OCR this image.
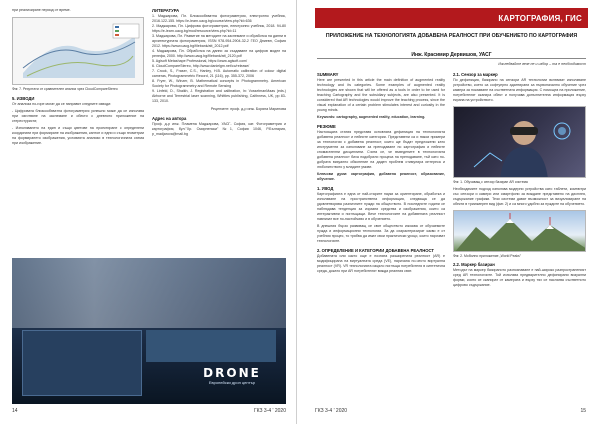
при реализиране период от време.
Фиг. 7. Резултати от сравнителен анализ чрез CloudCompareStereo
5. ИЗВОДИ
От анализа по-горе могат да се направят следните изводи:
- Цифровата близкообхватна фотограметрия успешно може да се използва при изготвяне на заснемане и обекти с дневното приложение на стереотуристи;
- Използването на един и същи цветове на проектиране с определени координати при формиране на изображения, кантон и едни и същи геометрии на формирането изображения, условията анализи в технологичната схема при изображение.
ЛИТЕРАТУРА
1. Маджарова, Пл. Близкообхватна фотограметрия, електронно учебник, 2016.122-155. https://e-learn.uacg.bg/course/view.php?id=636
2. Маджарова, Пл. Цифрова фотограметрия, електронно учебник, 2018. 94-80 https://e-learn.uacg.bg/mod/resource/view.php?id=11
3. Маджарова, Пл. Развитие на методите на заснемане и обработка на данни в архитектурната фотограметрия, ISSN 978-954-2904-32-2 ГЕО Дниевн, София 2012. https://www.uacg.bg/filebank/att_2012.pdf
4. Маджарова, Пл. Обработка на данни за създаване на цифров модел на релефа, 2000. http://www.uacg.bg/filebank/att_2120.pdf
5. Agisoft Metashape Professional, https://www.agisoft.com/
6. CloudCompareStereo, http://www.danielgm.net/cc/release/
7. Crook, S., Fraser, C.S., Hanley, H.B. Automatic calibration of colour digital cameras, Photogrammetric Record, 21 (116), pp. 355-372, 2006
8. Fryer, W., Winzer, B. Mathematical concepts in Photogrammetry. American Society for Photogrammetry and Remote Sensing
9. Linfeld, D., Shaikh, J. Registration and calibration, In: VosselmanMaas (eds.) Airborne and Terrestrial laser scanning, Whittles publishing, Caithness, UK, pp 83-133, 2010.
Рецензент: проф. д-р инж. Боряна Маринова
Адрес на автора
Проф. д-р инж. Пламена Маджарова, УАСГ- София, кат. Фотограметрия и картография, бул."Хр. Смирненски" №1, София 1046, Р.България, p_madjarova@mail.bg
DRONE
Европейски дрон център
14	ГКЗ 3-4 ' 2020
КАРТОГРАФИЯ, ГИС
ПРИЛОЖЕНИЕ НА ТЕХНОЛОГИЯТА ДОБАВЕНА РЕАЛНОСТ ПРИ ОБУЧЕНИЕТО ПО КАРТОГРАФИЯ
Инж. Красимир Дервишов, УАСГ
Изследвайте вече не и избор – та е необходимост
SUMMARY
Here are presented in this article the main definition of augmented reality technology and its categories. Some examples of augmented reality technologies are shown that will be offered as a tools in order to be used for teaching Cartography and the subsidiary subjects, are also presented. It is considered that AR technologies would improve the teaching process, since the visual explanation of a certain problem stimulates interest and curiosity in the young minds.
Keywords: cartography, augmented reality, education, learning.
РЕЗЮМЕ
Настоящата статия представя основната дефиниция на технологията добавена реалност и нейните категории. Представени са и някои примери за технологии с добавена реалност, които ще бъдат предложени като инструменти за използване за преподаване по картография и нейните спомагателни дисциплини. Счита се, че въведените в технологията добавена реалност биха подобрили процеса на преподаване, тъй като по-добрата визуално обяснение на даден проблем стимулира интереса и любопитството у младите умове.
Ключови думи: картография, добавена реалност, образование, обучение.
1. УВОД
Картографията е една от най-старите науки за ориентиране, обработка и използване на пространствена информация, следваща се да удовлетворява различните нужди на обществото. В последните години се наблюдава тенденция за изразни средства и изображения, които са интерактивни и поглъщащи. Вече технологиите на добавената реалност навлизат все по-настойчиво и в обучението.
В днешния бързо развиващ се свят обществото изисква от обучаемите нужда и информационни технологии. За да охарактеризират какво е от учебния процес, то трябва да имат свои практически уроци, които нарочват технологиите.
2. ОПРЕДЕЛЕНИЕ И КАТЕГОРИИ ДОБАВЕНА РЕАЛНОСТ
Добавената или както още е позната разширената реалност (AR) е модифицирана на виртуалната среда (VE), наричана по-често виртуална реалност (VR). VR технологията изцяло поглъща потребителя в синтетична среда, докато при AR потребителят вижда реалния свят.
2.1. Сензор за маркер
По дефиниция, базирано на сензори AR технологии включват използване устройство, което са софтуерно адаптирани за първоначално обучение чрез камера за показване на съответната информация. С помощта на приложение, потребителят сканира обект и получава допълнителна информация върху екрана на устройството.
Фиг. 1. Обучаващ с сензор базиран AR система
Необходимите подход използва модерни устройства като таблети, компютри със сензори и камери или смартфони за виждане представено на дисплея, съдържание графики. Тези системи дават възможност за визуализиране на обекти в триизмерен вид (фиг. 2) и са много удобни за нуждите на обучението.
Фиг. 2. Мобилно приложение „World Peaks”
2.2. Маркер базиран
Методът на маркер базираното разпознаване е най-широко разпространеният сред AR технологиите. Той използва предварително дефинирани визуални форми, които се сканират от камерата и върху тях се наслагва съответното цифрово съдържание.
ГКЗ 3-4 ' 2020	15
